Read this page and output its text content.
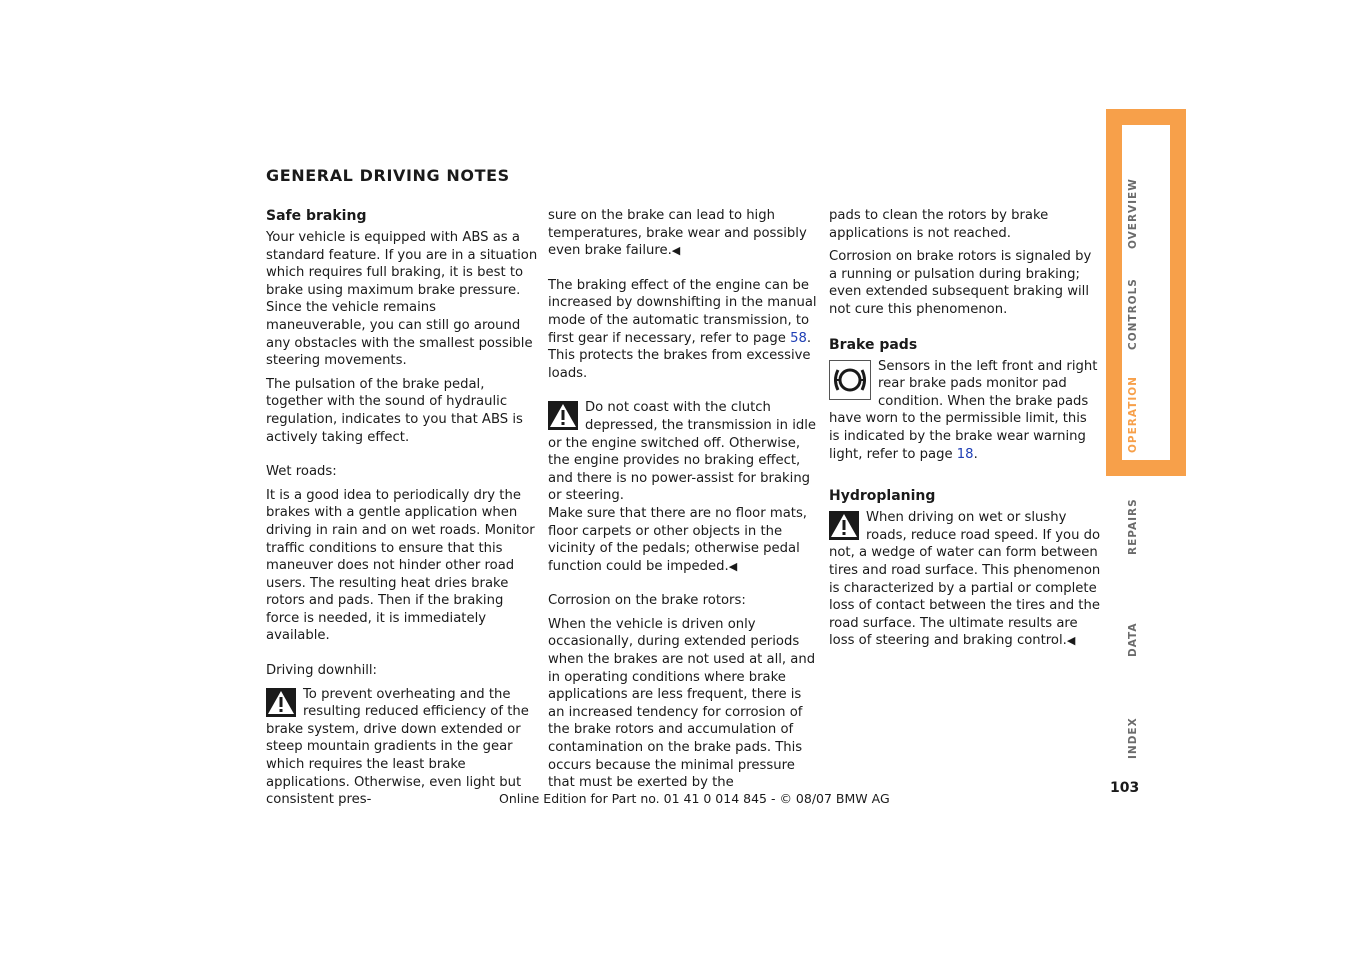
GENERAL DRIVING NOTES
Safe braking

Your vehicle is equipped with ABS as a standard feature. If you are in a situation which requires full braking, it is best to brake using maximum brake pressure. Since the vehicle remains maneuverable, you can still go around any obstacles with the smallest possible steering movements.

The pulsation of the brake pedal, together with the sound of hydraulic regulation, indicates to you that ABS is actively taking effect.

Wet roads:

It is a good idea to periodically dry the brakes with a gentle application when driving in rain and on wet roads. Monitor traffic conditions to ensure that this maneuver does not hinder other road users. The resulting heat dries brake rotors and pads. Then if the braking force is needed, it is immediately available.

Driving downhill:

To prevent overheating and the resulting reduced efficiency of the brake system, drive down extended or steep mountain gradients in the gear which requires the least brake applications. Otherwise, even light but consistent pres-

sure on the brake can lead to high temperatures, brake wear and possibly even brake failure.◀

The braking effect of the engine can be increased by downshifting in the manual mode of the automatic transmission, to first gear if necessary, refer to page 58. This protects the brakes from excessive loads.

Do not coast with the clutch depressed, the transmission in idle or the engine switched off. Otherwise, the engine provides no braking effect, and there is no power-assist for braking or steering.

Make sure that there are no floor mats, floor carpets or other objects in the vicinity of the pedals; otherwise pedal function could be impeded.◀

Corrosion on the brake rotors:

When the vehicle is driven only occasionally, during extended periods when the brakes are not used at all, and in operating conditions where brake applications are less frequent, there is an increased tendency for corrosion of the brake rotors and accumulation of contamination on the brake pads. This occurs because the minimal pressure that must be exerted by the

pads to clean the rotors by brake applications is not reached.

Corrosion on brake rotors is signaled by a running or pulsation during braking; even extended subsequent braking will not cure this phenomenon.

Brake pads
Sensors in the left front and right rear brake pads monitor pad condition. When the brake pads have worn to the permissible limit, this is indicated by the brake wear warning light, refer to page 18.
Hydroplaning
When driving on wet or slushy roads, reduce road speed. If you do not, a wedge of water can form between tires and road surface. This phenomenon is characterized by a partial or complete loss of contact between the tires and the road surface. The ultimate results are loss of steering and braking control.◀
OVERVIEW
CONTROLS
OPERATION
REPAIRS
DATA
INDEX
103
Online Edition for Part no. 01 41 0 014 845 - © 08/07 BMW AG
